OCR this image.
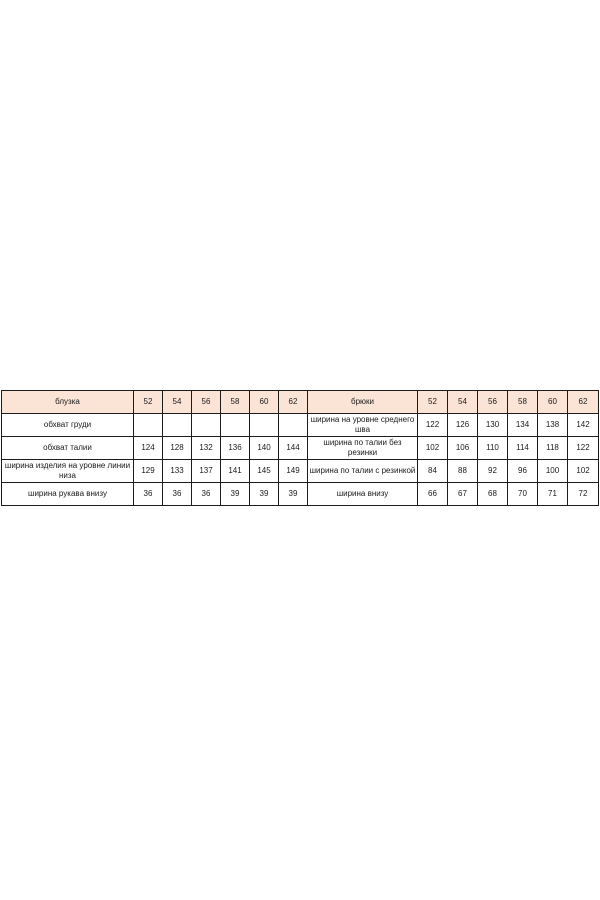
блузка	52	54	56	58	60	62	брюки	52	54	56	58	60	62
обхват груди							ширина на уровне среднего шва	122	126	130	134	138	142
обхват талии	124	128	132	136	140	144	ширина по талии без резинки	102	106	110	114	118	122
ширина изделия на уровне линии низа	129	133	137	141	145	149	ширина по талии с резинкой	84	88	92	96	100	102
ширина рукава внизу	36	36	36	39	39	39	ширина внизу	66	67	68	70	71	72
